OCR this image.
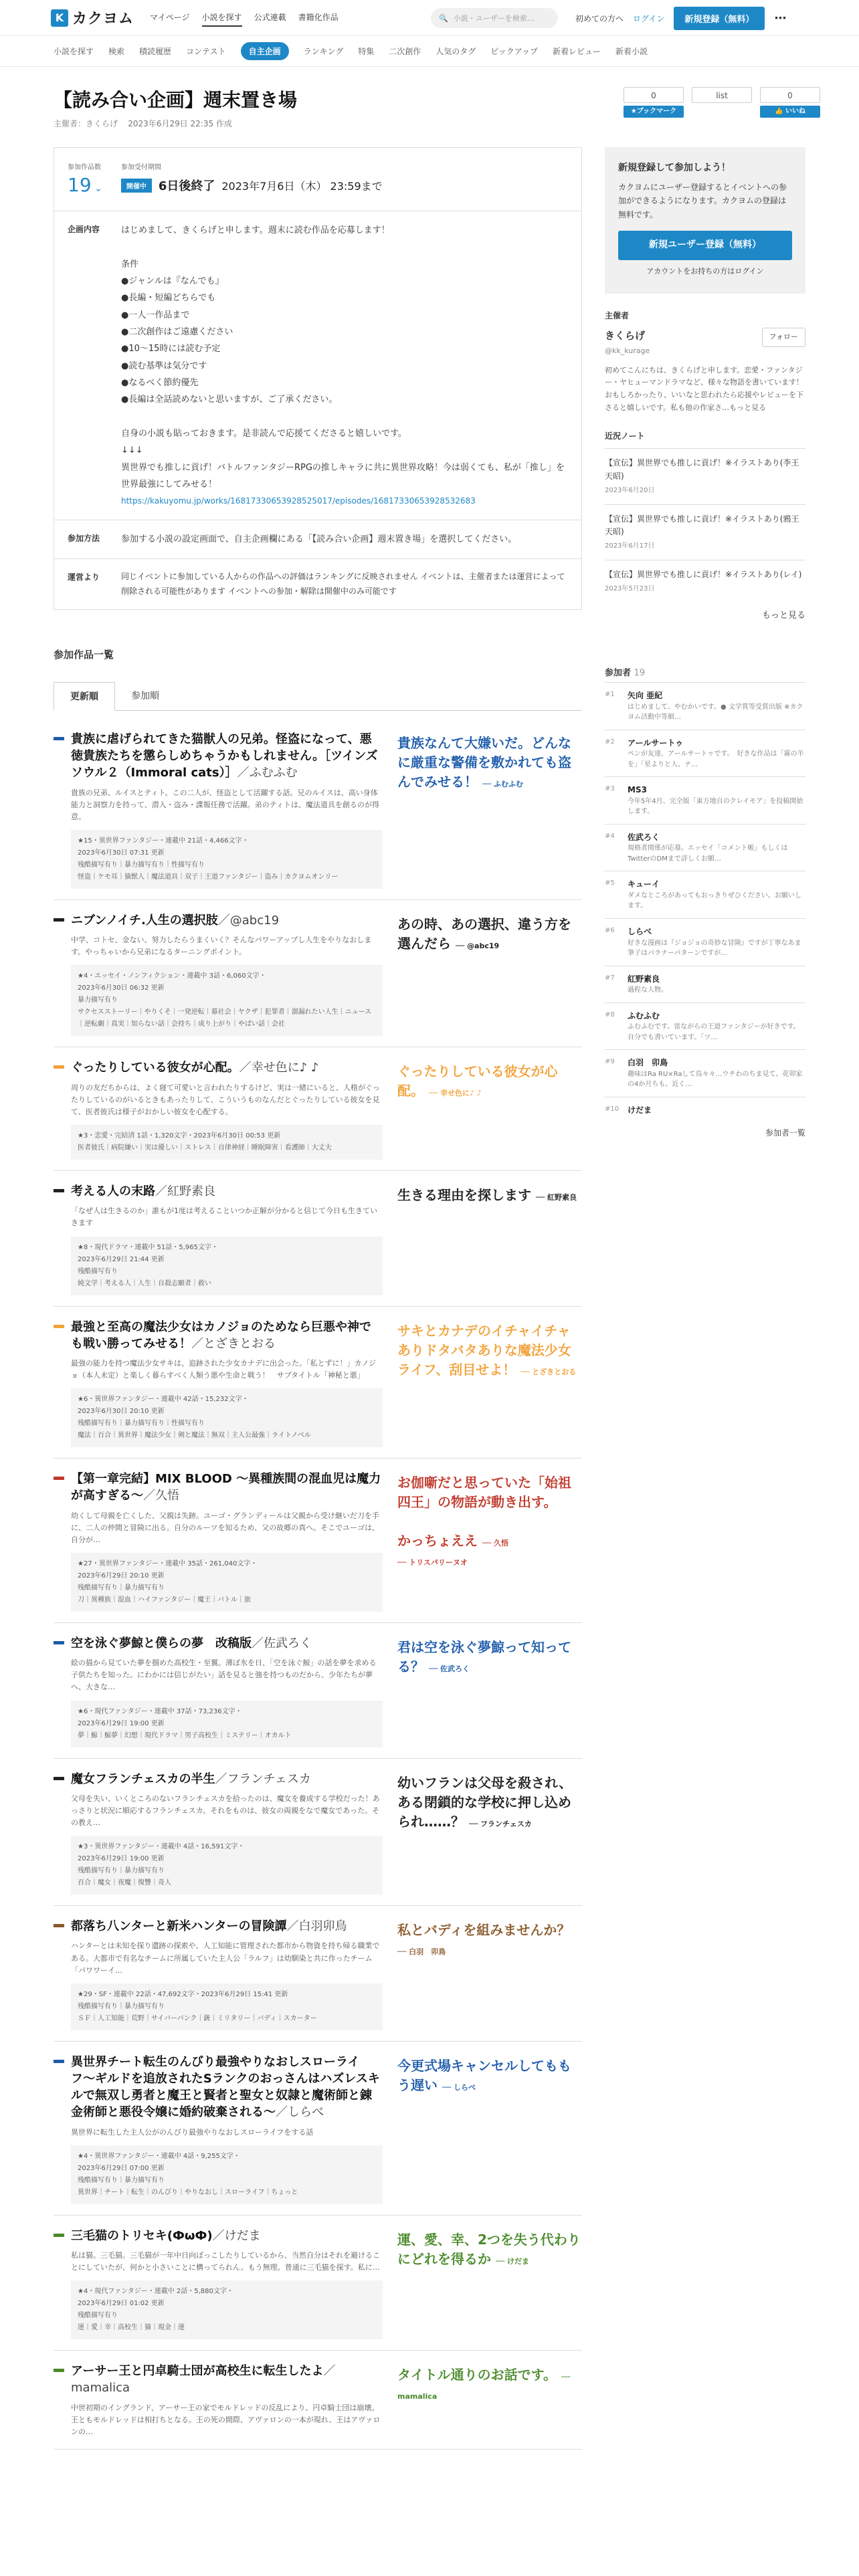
K カクヨム マイページ 小説を探す 公式連載 書籍化作品	🔍 小説・ユーザーを検索…	初めての方へ ログイン	新規登録（無料）	⋯
小説を探す 検索 積読履歴 コンテスト	自主企画	ランキング 特集 二次創作 人気のタグ ピックアップ 新着レビュー 新着小説
【読み合い企画】週末置き場
主催者：きくらげ 2023年6月29日 22:35 作成
0
★ブックマーク
list	0
👍 いいね
参加作品数
19 ⌄
参加受付期間
開催中	6日後終了 2023年7月6日（木） 23:59まで
企画内容	はじめまして、きくらげと申します。週末に読む作品を応募します！

条件
●ジャンルは『なんでも』
●長編・短編どちらでも
●一人一作品まで
●二次創作はご遠慮ください
●10〜15時には読む予定
●読む基準は気分です
●なるべく節約優先
●長編は全話読めないと思いますが、ご了承ください。

自身の小説も貼っておきます。是非読んで応援てくださると嬉しいです。
↓↓↓
異世界でも推しに貢げ！バトルファンタジーRPGの推しキャラに共に異世界攻略！今は弱くても、私が「推し」を世界最強にしてみせる！
https://kakuyomu.jp/works/16817330653928525017/episodes/16817330653928532683
参加方法	参加する小説の設定画面で、自主企画欄にある「【読み合い企画】週末置き場」を選択してください。
運営より	同じイベントに参加している人からの作品への評価はランキングに反映されません イベントは、主催者または運営によって削除される可能性があります イベントへの参加・解除は開催中のみ可能です
新規登録して参加しよう！
カクヨムにユーザー登録するとイベントへの参加ができるようになります。カクヨムの登録は無料です。
新規ユーザー登録（無料）
アカウントをお持ちの方はログイン
主催者
きくらげ
@kk_kurage
フォロー
初めてこんにちは、きくらげと申します。恋愛・ファンタジー・ヤヒューマンドラマなど、様々な物語を書いています！おもしろかったり、いいなと思われたら応援やレビューを下さると嬉しいです。私も他の作家さ…もっと見る
近況ノート
【宣伝】異世界でも推しに貢げ！※イラストあり(李王天昭)
2023年6月20日
【宣伝】異世界でも推しに貢げ！※イラストあり(鴉王天昭)
2023年6月17日
【宣伝】異世界でも推しに貢げ！※イラストあり(レイ)
2023年5月23日
もっと見る
参加作品一覧
更新順	参加順
貴族に虐げられてきた猫獣人の兄弟。怪盗になって、悪徳貴族たちを懲らしめちゃうかもしれません。［ツインズソウル２（Immoral cats）］／ふむふむ
貴族の兄弟、ルイスとティト。この二人が、怪盗として活躍する話。兄のルイスは、高い身体能力と洞察力を持って、潜入・盗み・諜報任務で活躍。弟のティトは、魔法道具を創るのが得意。
★15・異世界ファンタジー・連載中 21話・4,466文字・
2023年6月30日 07:31 更新
残酷描写有り｜暴力描写有り｜性描写有り
怪盗｜ケモ耳｜猫獣人｜魔法道具｜双子｜王道ファンタジー｜盗み｜カクヨムオンリー
貴族なんて大嫌いだ。どんなに厳重な警備を敷かれても盗んでみせる！ ── ふむふむ
ニブンノイチ.人生の選択肢／@abc19
中学、コトセ、金ない、努力したらうまくいく？そんなパワーアップし人生をやりなおします。やっちゃいから兄弟になるターニングポイント。
★4・エッセイ・ノンフィクション・連載中 3話・6,060文字・
2023年6月30日 06:32 更新
暴力描写有り
サクセスストーリー｜やりくそ｜一発逆転｜幕社会｜ヤクザ｜犯罪者｜溜漏れたい人生｜ニュース｜逆転劇｜真実｜知らない話｜会持ち｜成り上がり｜やばい話｜会社
あの時、あの選択、違う方を選んだら ── @abc19
ぐったりしている彼女が心配。／幸せ色に♪ ♪
周りの友だちからは、よく寝て可愛いと言われたりするけど、実は一緒にいると、人格がぐったりしているのがいるときもあったりして、こういうものなんだとぐったりしている彼女を見て、医者彼氏は様子がおかしい彼女を心配する。
★3・恋愛・完結済 1話・1,320文字・2023年6月30日 00:53 更新
医者彼氏｜病院嫌い｜実は優しい｜ストレス｜自律神経｜睡眠障害｜看護師｜大丈夫
ぐったりしている彼女が心配。 ── 幸せ色に♪ ♪
考える人の末路／紅野素良
「なぜ人は生きるのか」誰もが1度は考えることいつか正解が分かると信じて今日も生きていきます
★8・現代ドラマ・連載中 51話・5,965文字・
2023年6月29日 21:44 更新
残酷描写有り
純文学｜考える人｜人生｜自殺志願者｜救い
生きる理由を探します ── 紅野素良
最強と至高の魔法少女はカノジョのためなら巨悪や神でも戦い勝ってみせる！／とざきとおる
最強の能力を持つ魔法少女サキは、追跡された少女カナデに出会った。「私とずに！」カノジョ（本人未定）と楽しく暮らすべく人類う悪や生命と戦う！　サブタイトル「神秘と悪」
★6・異世界ファンタジー・連載中 42話・15,232文字・
2023年6月30日 20:10 更新
残酷描写有り｜暴力描写有り｜性描写有り
魔法｜百合｜異世界｜魔法少女｜剣と魔法｜無双｜主人公最強｜ライトノベル
サキとカナデのイチャイチャありドタバタありな魔法少女ライフ、刮目せよ！ ── とざきとおる
【第一章完結】MIX BLOOD 〜異種族間の混血児は魔力が高すぎる〜／久悟
幼くして母親を亡くした、父親は失跡。ユーゴ・グランディールは父親から受け継いだ刀を手に、二人の仲間と冒険に出る。自分のルーツを知るため、父の故郷の真へ。そこでユーゴは、自分が…
★27・異世界ファンタジー・連載中 35話・261,040文字・
2023年6月29日 20:10 更新
残酷描写有り｜暴力描写有り
刀｜異種族｜混血｜ハイファンタジー｜魔王｜バトル｜旅
お伽噺だと思っていた「始祖四王」の物語が動き出す。

かっちょええ ── 久悟
── トリスパリーヌオ
空を泳ぐ夢鯨と僕らの夢　改稿版／佐武ろく
絵の描から見ていた夢を掴めた高校生・至翼。薄ぼ氷を日、「空を泳ぐ鯨」の話を夢を求める子供たちを知った。にわかには信じがたい」話を見ると強を持つものだから、少年たちが夢へ、大きな…
★6・現代ファンタジー・連載中 37話・73,236文字・
2023年6月29日 19:00 更新
夢｜鯨｜鯨夢｜幻想｜現代ドラマ｜男子高校生｜ミステリー｜オカルト
君は空を泳ぐ夢鯨って知ってる？ ── 佐武ろく
魔女フランチェスカの半生／フランチェスカ
父母を失い、いくところのないフランチェスカを拾ったのは、魔女を養成する学校だった！あっさりと状況に順応するフランチェスカ。それをものは、彼女の両親をなで魔女であった。その教え…
★3・異世界ファンタジー・連載中 4話・16,591文字・
2023年6月29日 19:00 更新
残酷描写有り｜暴力描写有り
百合｜魔女｜夜魔｜復讐｜奇人
幼いフランは父母を殺され、ある閉鎖的な学校に押し込められ……？ ── フランチェスカ
都落ち八ンターと新米ハンターの冒険譚／白羽卯鳥
ハンターとは未知を探り遺跡の探索や、人工知能に管理された都市から物資を持ち帰る職業である。大都市で有名なチームに所属していた主人公「ラルフ」は幼馴染と共に作ったチーム「パワワーイ…
★29・SF・連載中 22話・47,692文字・2023年6月29日 15:41 更新
残酷描写有り｜暴力描写有り
ＳＦ｜人工知能｜荒野｜サイバーパンク｜銃｜ミリタリー｜バディ｜スカーター
私とバディを組みませんか？ ── 白羽　卯鳥
異世界チート転生のんびり最強やりなおしスローライフ〜ギルドを追放されたSランクのおっさんはハズレスキルで無双し勇者と魔王と賢者と聖女と奴隷と魔術師と錬金術師と悪役令嬢に婚約破棄される〜／しらべ
異世界に転生した主人公がのんびり最強やりなおしスローライフをする話
★4・異世界ファンタジー・連載中 4話・9,255文字・
2023年6月29日 07:00 更新
残酷描写有り｜暴力描写有り
異世界｜チート｜転生｜のんびり｜やりなおし｜スローライフ｜ちょっと
今更式場キャンセルしてももう遅い ── しらべ
三毛猫のトリセキ(ФωФ)／けだま
私は猫。三毛猫。三毛猫が一年中日向ぼっこしたりしているから、当然自分はそれを避けることにしていたが、何かと小さいことに構ってられん。もう無理。普通に三毛猫を探す。私に…
★4・現代ファンタジー・連載中 2話・5,880文字・
2023年6月29日 01:02 更新
残酷描写有り
運｜愛｜幸｜高校生｜猫｜現金｜運
運、愛、幸、2つを失う代わりにどれを得るか ── けだま
アーサー王と円卓騎士団が高校生に転生したよ／mamalica
中世初期のイングランド、アーサー王の家でモルドレッドの反乱により、円卓騎士団は崩壊。王ともモルドレッドは相打ちとなる。王の死の間際、アヴァロンの一本が現れ、王はアヴァロンの…
タイトル通りのお話です。 ── mamalica
参加者 19
#1	矢向 亜紀
はじめまして、やむかいです。● 文学賞等受賞出版 ※カクヨム活動中等細…
#2	アールサートゥ
ペンが友達、アールサートゥです。　好きな作品は「霧の羊を」「星よりと人、ナ…
#3	MS3
今年5年4月、完全版「東方地自のクレイモア」を投稿開始します。
#4	佐武ろく
規格者関係が応募。エッセイ「コメント帳」もしくはTwitterのDMまで詳しくお願…
#5	キューイ
ダメなところがあってもおっきりぜひください。お願いします。
#6	しらべ
好きな漫画は『ジョジョの奇妙な冒険』ですが丁寧なあま筆子はパラナーパターンですが…
#7	紅野素良
過程な人物。
#8	ふむふむ
ふむふむです。雷ながらの王道ファンタジーが好きです。自分でも書いています。「ツ…
#9	白羽　卯鳥
趣味はRa RU×Raして鳥々々…ウチわのちま見て。花卯家の4か月ちも、近く…
#10 けだま
参加者一覧
